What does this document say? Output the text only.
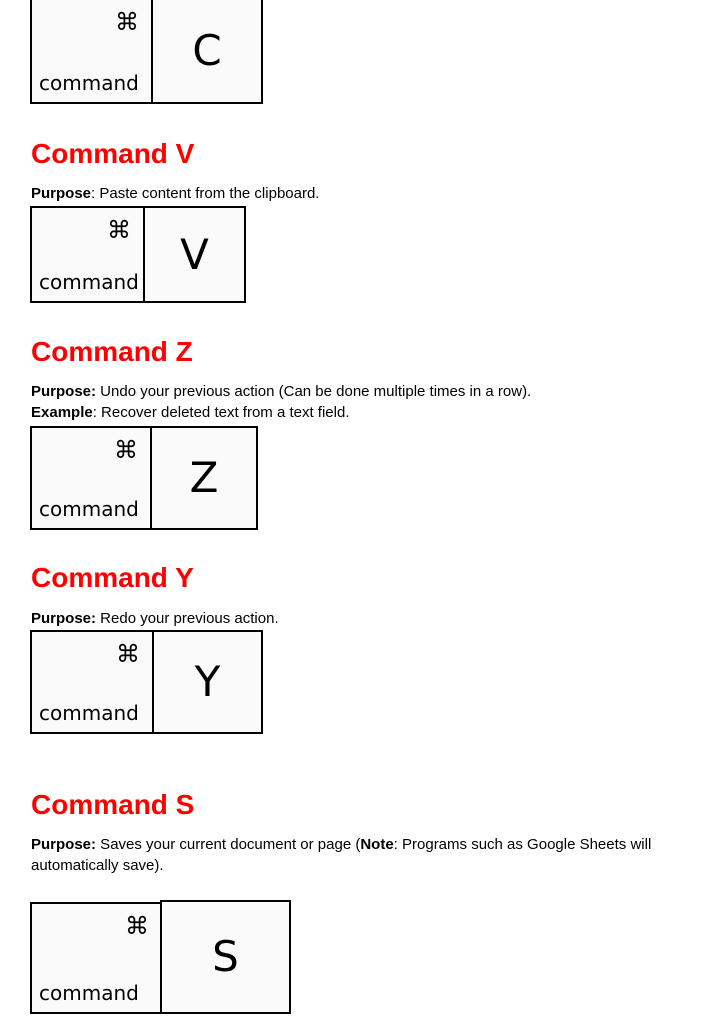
⌘
command
C
Command V

Purpose: Paste content from the clipboard.

⌘
command
V
Command Z

Purpose: Undo your previous action (Can be done multiple times in a row).

Example: Recover deleted text from a text field.

⌘
command
Z
Command Y

Purpose: Redo your previous action.

⌘
command
Y
Command S

Purpose: Saves your current document or page (Note: Programs such as Google Sheets will automatically save).

⌘
command
S
